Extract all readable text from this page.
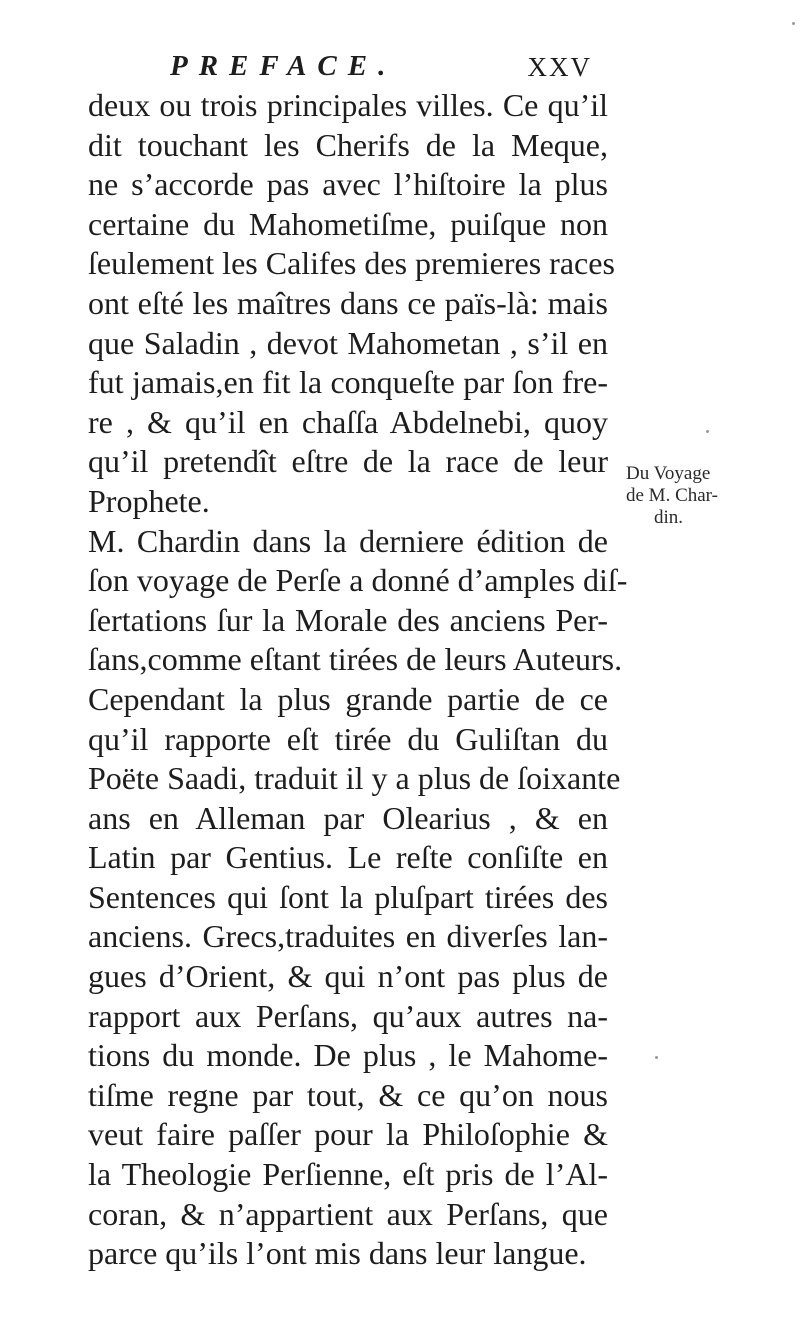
PREFACE.	XXV
deux ou trois principales villes. Ce qu’il
dit touchant les Cherifs de la Meque,
ne s’accorde pas avec l’hiſtoire la plus
certaine du Mahometiſme, puiſque non
ſeulement les Califes des premieres races
ont eſté les maîtres dans ce païs-là: mais
que Saladin , devot Mahometan , s’il en
fut jamais,en fit la conqueſte par ſon fre-
re , & qu’il en chaſſa Abdelnebi, quoy
qu’il pretendît eſtre de la race de leur
Prophete.
M. Chardin dans la derniere édition de
ſon voyage de Perſe a donné d’amples diſ-
ſertations ſur la Morale des anciens Per-
ſans,comme eſtant tirées de leurs Auteurs.
Cependant la plus grande partie de ce
qu’il rapporte eſt tirée du Guliſtan du
Poëte Saadi, traduit il y a plus de ſoixante
ans en Alleman par Olearius , & en
Latin par Gentius. Le reſte conſiſte en
Sentences qui ſont la pluſpart tirées des
anciens. Grecs,traduites en diverſes lan-
gues d’Orient, & qui n’ont pas plus de
rapport aux Perſans, qu’aux autres na-
tions du monde. De plus , le Mahome-
tiſme regne par tout, & ce qu’on nous
veut faire paſſer pour la Philoſophie &
la Theologie Perſienne, eſt pris de l’Al-
coran, & n’appartient aux Perſans, que
parce qu’ils l’ont mis dans leur langue.
Du Voyage
de M. Char-
din.
